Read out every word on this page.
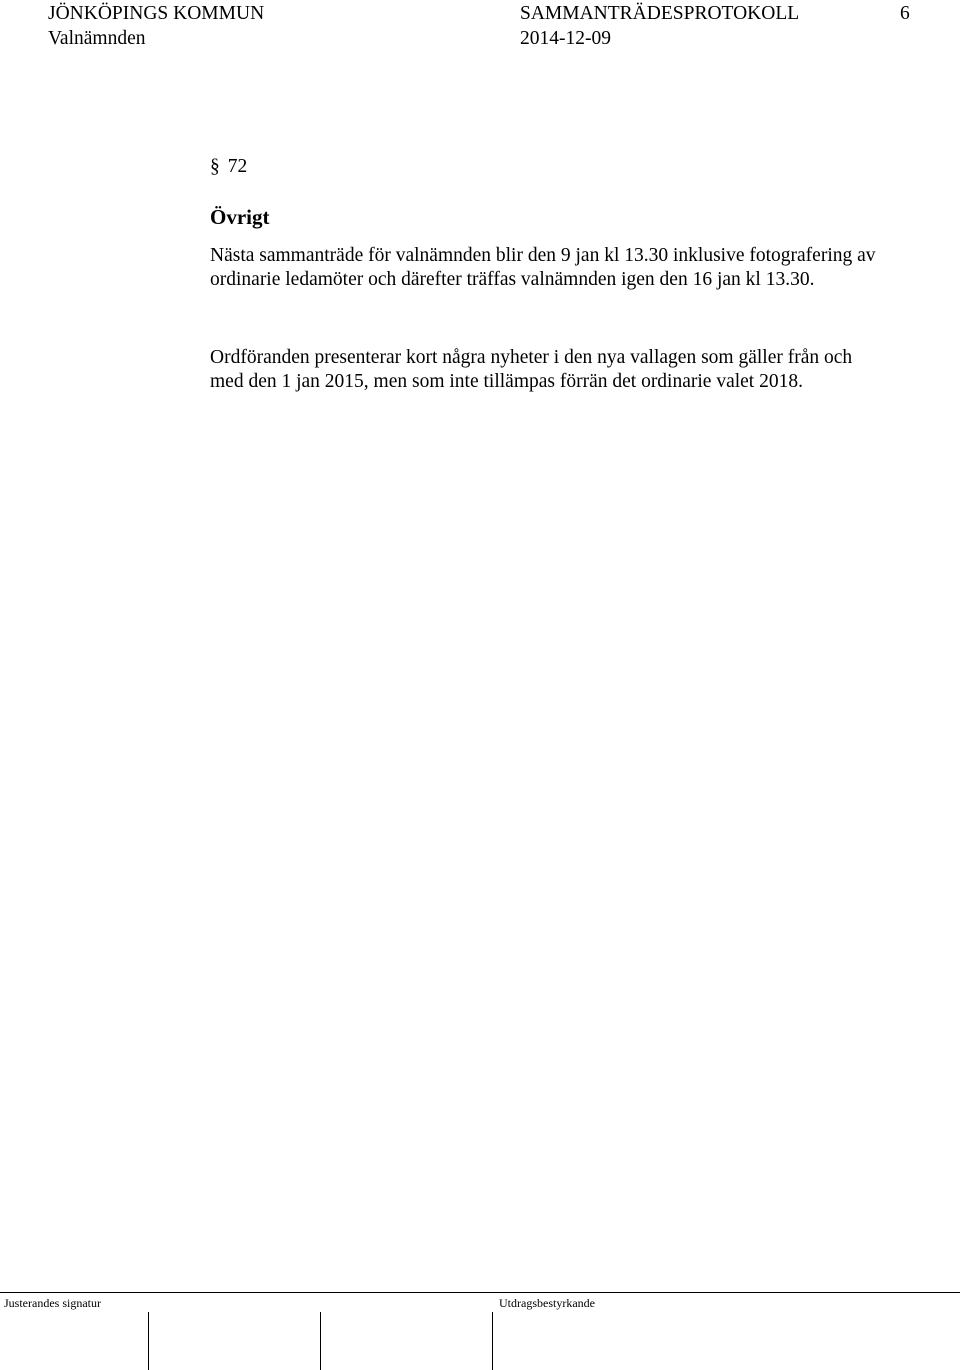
JÖNKÖPINGS KOMMUN
Valnämnden
SAMMANTRÄDESPROTOKOLL
2014-12-09
6
§ 72
Övrigt

Nästa sammanträde för valnämnden blir den 9 jan kl 13.30 inklusive fotografering av ordinarie ledamöter och därefter träffas valnämnden igen den 16 jan kl 13.30.

Ordföranden presenterar kort några nyheter i den nya vallagen som gäller från och med den 1 jan 2015, men som inte tillämpas förrän det ordinarie valet 2018.

Justerandes signatur	Utdragsbestyrkande
